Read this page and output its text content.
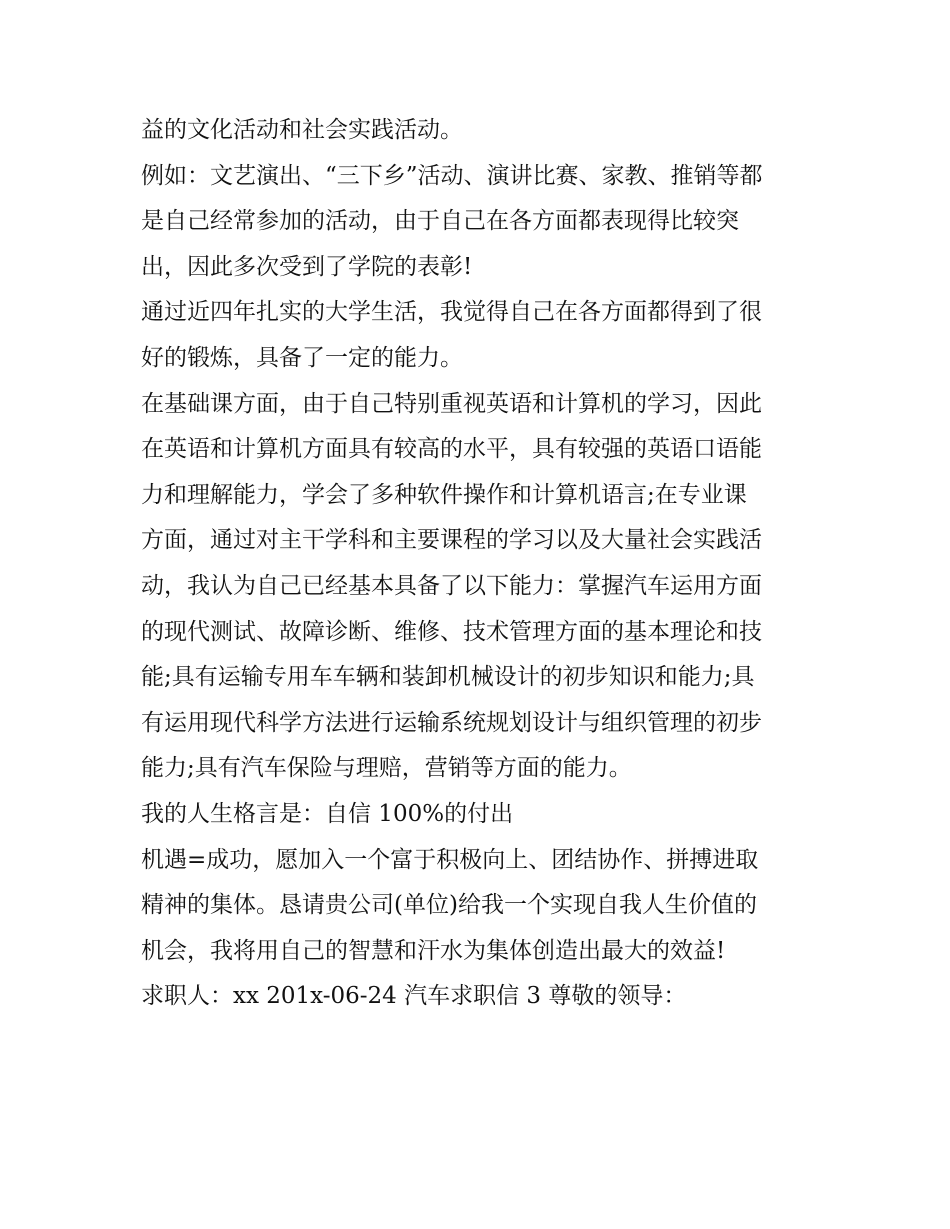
益的文化活动和社会实践活动。

例如：文艺演出、“三下乡”活动、演讲比赛、家教、推销等都

是自己经常参加的活动，由于自己在各方面都表现得比较突

出，因此多次受到了学院的表彰!

通过近四年扎实的大学生活，我觉得自己在各方面都得到了很

好的锻炼，具备了一定的能力。

在基础课方面，由于自己特别重视英语和计算机的学习，因此

在英语和计算机方面具有较高的水平，具有较强的英语口语能

力和理解能力，学会了多种软件操作和计算机语言;在专业课

方面，通过对主干学科和主要课程的学习以及大量社会实践活

动，我认为自己已经基本具备了以下能力：掌握汽车运用方面

的现代测试、故障诊断、维修、技术管理方面的基本理论和技

能;具有运输专用车车辆和装卸机械设计的初步知识和能力;具

有运用现代科学方法进行运输系统规划设计与组织管理的初步

能力;具有汽车保险与理赔，营销等方面的能力。

我的人生格言是：自信 100%的付出

机遇=成功，愿加入一个富于积极向上、团结协作、拼搏进取

精神的集体。恳请贵公司(单位)给我一个实现自我人生价值的

机会，我将用自己的智慧和汗水为集体创造出最大的效益!

求职人：xx 201x-06-24 汽车求职信 3 尊敬的领导：
